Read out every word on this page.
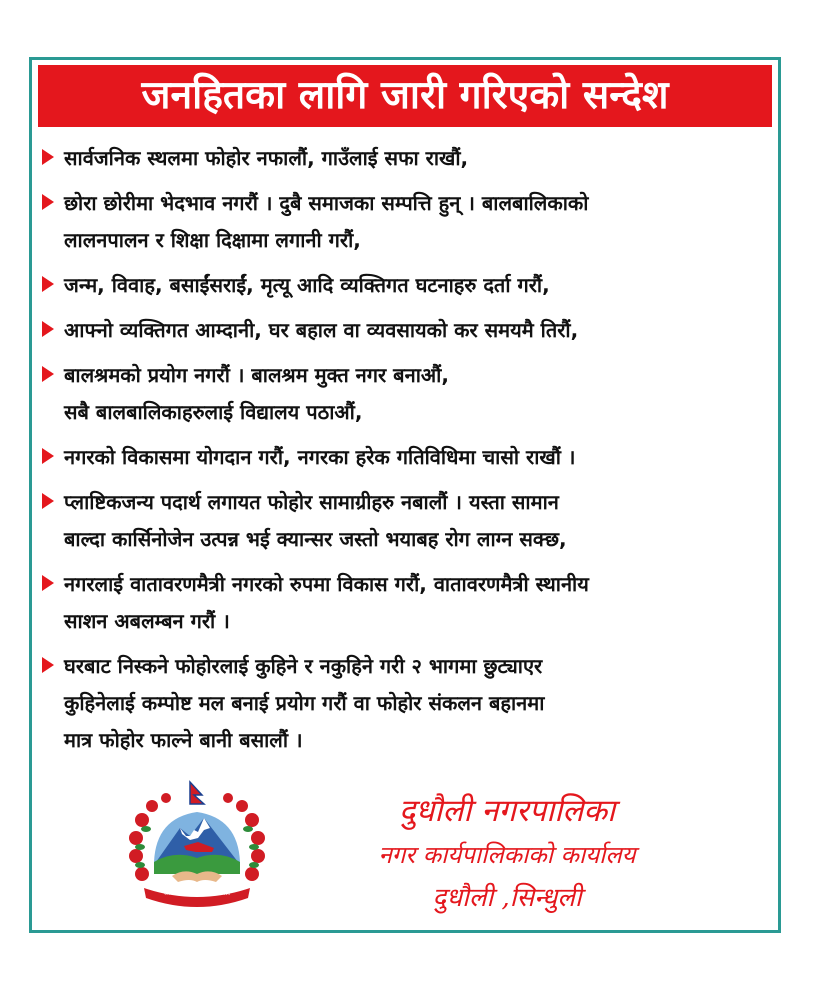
जनहितका लागि जारी गरिएको सन्देश
सार्वजनिक स्थलमा फोहोर नफालौं, गाउँलाई सफा राखौं,
छोरा छोरीमा भेदभाव नगरौं । दुबै समाजका सम्पत्ति हुन् । बालबालिकाको
लालनपालन र शिक्षा दिक्षामा लगानी गरौं,
जन्म, विवाह, बसाईंसराईं, मृत्यू आदि व्यक्तिगत घटनाहरु दर्ता गरौं,
आफ्नो व्यक्तिगत आम्दानी, घर बहाल वा व्यवसायको कर समयमै तिरौं,
बालश्रमको प्रयोग नगरौं । बालश्रम मुक्त नगर बनाऔं,
सबै बालबालिकाहरुलाई विद्यालय पठाऔं,
नगरको विकासमा योगदान गरौं, नगरका हरेक गतिविधिमा चासो राखौं ।
प्लाष्टिकजन्य पदार्थ लगायत फोहोर सामाग्रीहरु नबालौं । यस्ता सामान
बाल्दा कार्सिनोजेन उत्पन्न भई क्यान्सर जस्तो भयाबह रोग लाग्न सक्छ,
नगरलाई वातावरणमैत्री नगरको रुपमा विकास गरौं, वातावरणमैत्री स्थानीय
साशन अबलम्बन गरौं ।
घरबाट निस्कने फोहोरलाई कुहिने र नकुहिने गरी २ भागमा छुट्याएर
कुहिनेलाई कम्पोष्ट मल बनाई प्रयोग गरौं वा फोहोर संकलन बहानमा
मात्र फोहोर फाल्ने बानी बसालौं ।
जननी जन्मभूमिश्च स्वर्गादपि गरीयसी
दुधौली नगरपालिका
नगर कार्यपालिकाको कार्यालय
दुधौली ,सिन्धुली
